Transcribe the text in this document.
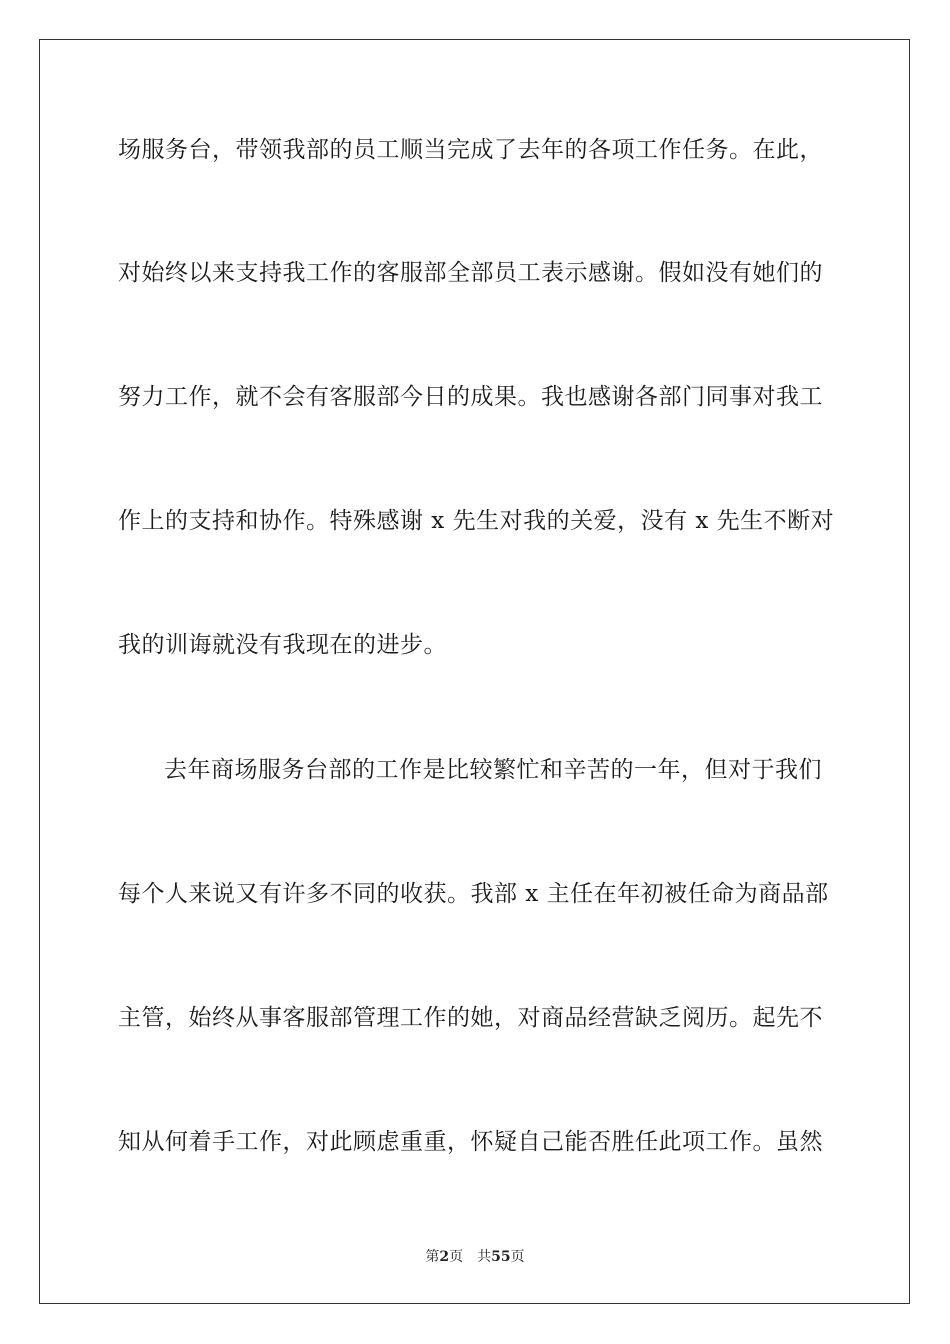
场服务台，带领我部的员工顺当完成了去年的各项工作任务。在此，
对始终以来支持我工作的客服部全部员工表示感谢。假如没有她们的
努力工作，就不会有客服部今日的成果。我也感谢各部门同事对我工
作上的支持和协作。特殊感谢 x 先生对我的关爱，没有 x 先生不断对
我的训诲就没有我现在的进步。
去年商场服务台部的工作是比较繁忙和辛苦的一年，但对于我们
每个人来说又有许多不同的收获。我部 x 主任在年初被任命为商品部
主管，始终从事客服部管理工作的她，对商品经营缺乏阅历。起先不
知从何着手工作，对此顾虑重重，怀疑自己能否胜任此项工作。虽然
第2页 共55页
